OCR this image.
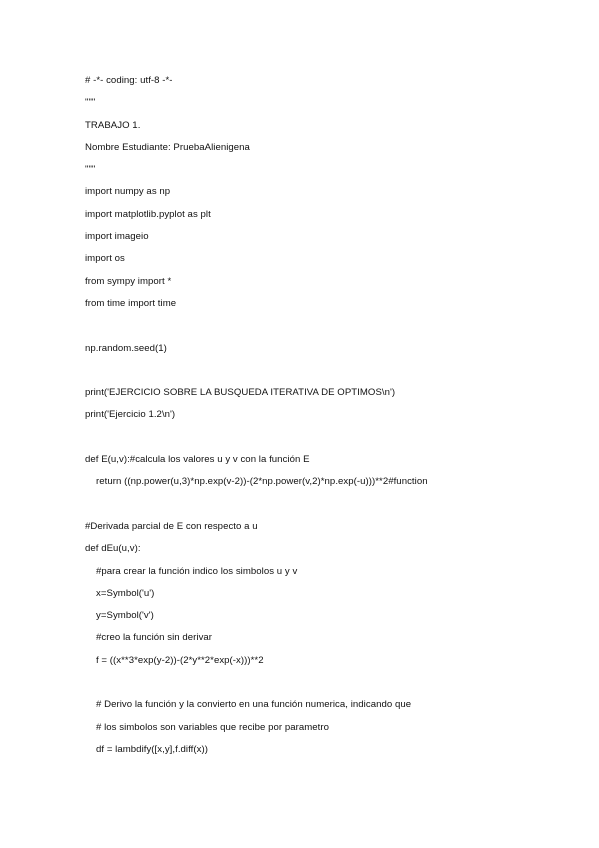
# -*- coding: utf-8 -*-
"""
TRABAJO 1.
Nombre Estudiante: PruebaAlienigena
"""
import numpy as np
import matplotlib.pyplot as plt
import imageio
import os
from sympy import *
from time import time
np.random.seed(1)
print('EJERCICIO SOBRE LA BUSQUEDA ITERATIVA DE OPTIMOS\n')
print('Ejercicio 1.2\n')
def E(u,v):#calcula los valores u y v con la función E
return ((np.power(u,3)*np.exp(v-2))-(2*np.power(v,2)*np.exp(-u)))**2#function
#Derivada parcial de E con respecto a u
def dEu(u,v):
#para crear la función indico los simbolos u y v
x=Symbol('u')
y=Symbol('v')
#creo la función sin derivar
f = ((x**3*exp(y-2))-(2*y**2*exp(-x)))**2
# Derivo la función y la convierto en una función numerica, indicando que
# los simbolos son variables que recibe por parametro
df = lambdify([x,y],f.diff(x))
